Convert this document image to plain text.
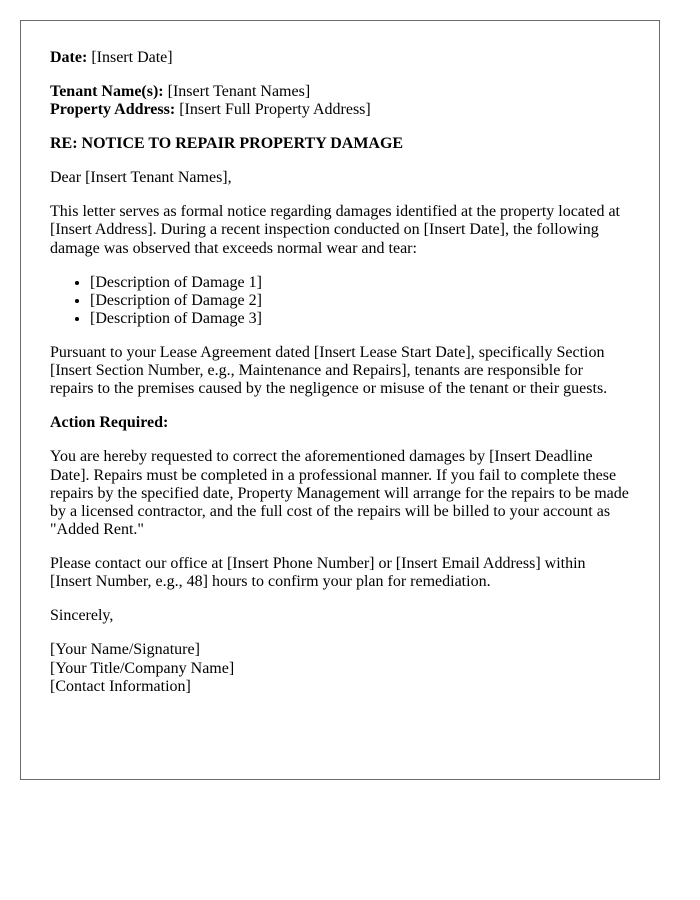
Date: [Insert Date]

Tenant Name(s): [Insert Tenant Names]
Property Address: [Insert Full Property Address]

RE: NOTICE TO REPAIR PROPERTY DAMAGE

Dear [Insert Tenant Names],

This letter serves as formal notice regarding damages identified at the property located at [Insert Address]. During a recent inspection conducted on [Insert Date], the following damage was observed that exceeds normal wear and tear:

• [Description of Damage 1]
• [Description of Damage 2]
• [Description of Damage 3]

Pursuant to your Lease Agreement dated [Insert Lease Start Date], specifically Section [Insert Section Number, e.g., Maintenance and Repairs], tenants are responsible for repairs to the premises caused by the negligence or misuse of the tenant or their guests.

Action Required:

You are hereby requested to correct the aforementioned damages by [Insert Deadline Date]. Repairs must be completed in a professional manner. If you fail to complete these repairs by the specified date, Property Management will arrange for the repairs to be made by a licensed contractor, and the full cost of the repairs will be billed to your account as "Added Rent."

Please contact our office at [Insert Phone Number] or [Insert Email Address] within [Insert Number, e.g., 48] hours to confirm your plan for remediation.

Sincerely,

[Your Name/Signature]
[Your Title/Company Name]
[Contact Information]
